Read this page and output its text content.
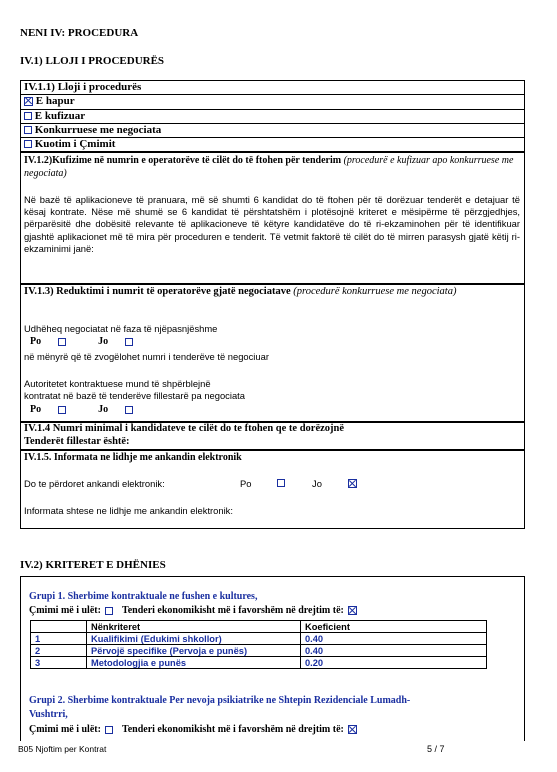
NENI IV: PROCEDURA
IV.1) LLOJI I PROCEDURËS
IV.1.1) Lloji i procedurës
E hapur
E kufizuar
Konkurruese me negociata
Kuotim i Çmimit
IV.1.2)Kufizime në numrin e operatorëve të cilët do të ftohen për tenderim (procedurë e kufizuar apo konkurruese me negociata)
Në bazë të aplikacioneve të pranuara, më së shumti 6 kandidat do të ftohen për të dorëzuar tenderët e detajuar të kësaj kontrate. Nëse më shumë se 6 kandidat të përshtatshëm i plotësojnë kriteret e mësipërme të përzgjedhjes, përparësitë dhe dobësitë relevante të aplikacioneve të këtyre kandidatëve do të ri-ekzaminohen për të identifikuar gjashtë aplikacionet më të mira për proceduren e tenderit. Të vetmit faktorë të cilët do të mirren parasysh gjatë këtij ri-ekzaminimi janë:
IV.1.3) Reduktimi i numrit të operatorëve gjatë negociatave (procedurë konkurruese me negociata)
Udhëheq negociatat në faza të njëpasnjëshme
Po	Jo
në mënyrë që të zvogëlohet numri i tenderëve të negociuar
Autoritetet kontraktuese mund të shpërblejnë
kontratat në bazë të tenderëve fillestarë pa negociata
Po	Jo
IV.1.4 Numri minimal i kandidateve te cilët do te ftohen qe te dorëzojnë
Tenderët fillestar është:
IV.1.5. Informata ne lidhje me ankandin elektronik
Do te përdoret ankandi elektronik:	Po	Jo
Informata shtese ne lidhje me ankandin elektronik:
IV.2) KRITERET E DHËNIES
Grupi 1. Sherbime kontraktuale ne fushen e kultures,
Çmimi më i ulët: Tenderi ekonomikisht më i favorshëm në drejtim të:
	Nënkriteret	Koeficient
1	Kualifikimi (Edukimi shkollor)	0.40
2	Përvojë specifike (Pervoja e punës)	0.40
3	Metodologjia e punës	0.20
Grupi 2. Sherbime kontraktuale Per nevoja psikiatrike ne Shtepin Rezidenciale Lumadh-
Vushtrri,
Çmimi më i ulët: Tenderi ekonomikisht më i favorshëm në drejtim të:
B05 Njoftim per Kontrat	5 / 7
